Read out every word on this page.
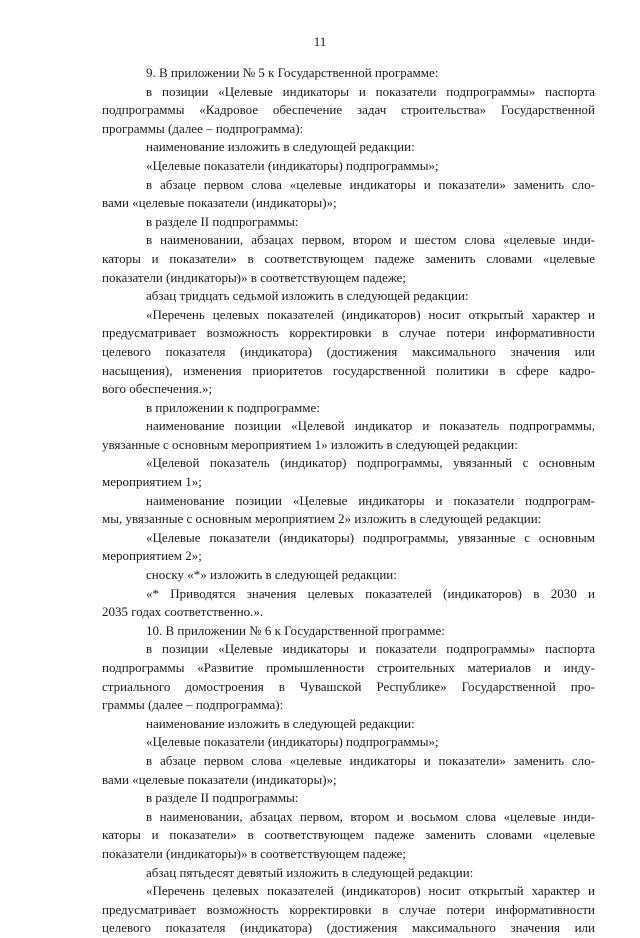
11
9. В приложении № 5 к Государственной программе:
в позиции «Целевые индикаторы и показатели подпрограммы» паспорта
подпрограммы «Кадровое обеспечение задач строительства» Государственной
программы (далее – подпрограмма):
наименование изложить в следующей редакции:
«Целевые показатели (индикаторы) подпрограммы»;
в абзаце первом слова «целевые индикаторы и показатели» заменить сло-
вами «целевые показатели (индикаторы)»;
в разделе II подпрограммы:
в наименовании, абзацах первом, втором и шестом слова «целевые инди-
каторы и показатели» в соответствующем падеже заменить словами «целевые
показатели (индикаторы)» в соответствующем падеже;
абзац тридцать седьмой изложить в следующей редакции:
«Перечень целевых показателей (индикаторов) носит открытый характер и
предусматривает возможность корректировки в случае потери информативности
целевого показателя (индикатора) (достижения максимального значения или
насыщения), изменения приоритетов государственной политики в сфере кадро-
вого обеспечения.»;
в приложении к подпрограмме:
наименование позиции «Целевой индикатор и показатель подпрограммы,
увязанные с основным мероприятием 1» изложить в следующей редакции:
«Целевой показатель (индикатор) подпрограммы, увязанный с основным
мероприятием 1»;
наименование позиции «Целевые индикаторы и показатели подпрограм-
мы, увязанные с основным мероприятием 2» изложить в следующей редакции:
«Целевые показатели (индикаторы) подпрограммы, увязанные с основным
мероприятием 2»;
сноску «*» изложить в следующей редакции:
«* Приводятся значения целевых показателей (индикаторов) в 2030 и
2035 годах соответственно.».
10. В приложении № 6 к Государственной программе:
в позиции «Целевые индикаторы и показатели подпрограммы» паспорта
подпрограммы «Развитие промышленности строительных материалов и инду-
стриального домостроения в Чувашской Республике» Государственной про-
граммы (далее – подпрограмма):
наименование изложить в следующей редакции:
«Целевые показатели (индикаторы) подпрограммы»;
в абзаце первом слова «целевые индикаторы и показатели» заменить сло-
вами «целевые показатели (индикаторы)»;
в разделе II подпрограммы:
в наименовании, абзацах первом, втором и восьмом слова «целевые инди-
каторы и показатели» в соответствующем падеже заменить словами «целевые
показатели (индикаторы)» в соответствующем падеже;
абзац пятьдесят девятый изложить в следующей редакции:
«Перечень целевых показателей (индикаторов) носит открытый характер и
предусматривает возможность корректировки в случае потери информативности
целевого показателя (индикатора) (достижения максимального значения или
